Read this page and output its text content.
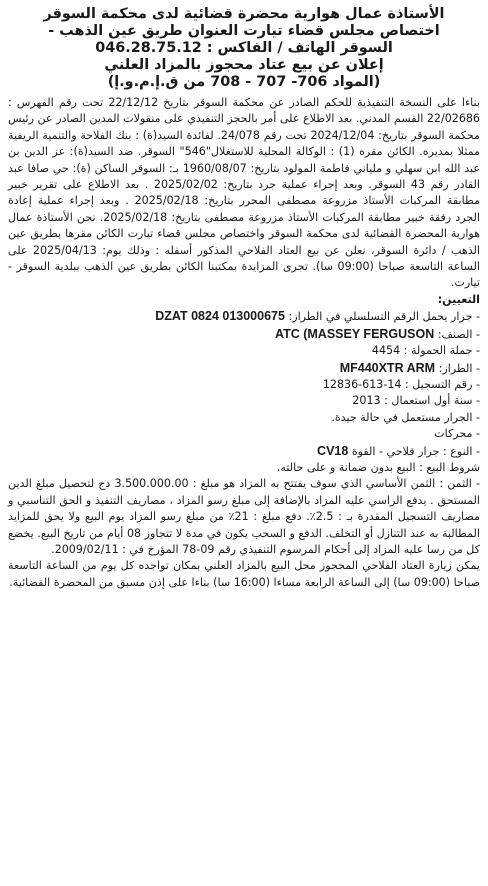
الأستاذة عمال هوارية محضرة قضائية لدى محكمة السوقر
اختصاص مجلس قضاء تيارت العنوان طريق عين الذهب -
السوقر الهاتف / الفاكس : 046.28.75.12
إعلان عن بيع عتاد محجوز بالمزاد العلني
(المواد 706- 707 - 708 من ق.إ.م.و.إ)

بناءا على النسخة التنفيذية للحكم الصادر عن محكمة السوقر بتاريخ 22/12/12 تحت رقم الفهرس : 22/02686 القسم المدني. بعد الاطلاع على أمر بالحجز التنفيذي على منقولات المدين الصادر عن رئيس محكمة السوقر بتاريخ: 2024/12/04 تحت رقم 24/078. لفائدة السيد(ة) : بنك الفلاحة والتنمية الريفية ممثلا بمديره. الكائن مقره (1) : الوكالة المحلية للاستغلال"546" السوقر. ضد السيد(ة): عز الدين بن عبد الله ابن سهلي و ملياني فاطمة المولود بتاريخ: 1960/08/07 بـ: السوقر الساكن (ة): حي صافا عبد القادر رقم 43 السوقر. وبعد إجراء عملية جرد بتاريخ: 2025/02/02 . بعد الاطلاع على تقرير خبير مطابقة المركبات الأستاذ مزروعة مصطفى المحرر بتاريخ: 2025/02/18 . وبعد إجراء عملية إعادة الجرد رفقة خبير مطابقة المركبات الأستاذ مزروعة مصطفى بتاريخ: 2025/02/18. نحن الأستاذة عمال هوارية المحضرة القضائية لدى محكمة السوقر واختصاص مجلس قضاء تيارت الكائن مقرها بطريق عين الذهب / دائرة السوقر، نعلن عن بيع العتاد الفلاحي المذكور أسفله : وذلك يوم: 2025/04/13 على الساعة التاسعة صباحا (09:00 سا). تجرى المزايدة بمكتبنا الكائن بطريق عين الذهب ببلدية السوقر - تيارت.

التعيين:

- جرار يحمل الرقم التسلسلي في الطراز: DZAT 0824 013000675
- الصنف: ATC (MASSEY FERGUSON
- جملة الحمولة : 4454
- الطراز: MF440XTR ARM
- رقم التسجيل : 14-613-12836
- سنة أول استعمال : 2013
- الجرار مستعمل في حالة جيدة.
- محركات
- النوع : جرار فلاحي - القوة CV18

شروط البيع : البيع بدون ضمانة و على حالته.

- الثمن : الثمن الأساسي الذي سوف يفتتح به المزاد هو مبلغ : 3.500.000.00 دج لتحصيل مبلغ الدين المستحق . يدفع الراسي عليه المزاد بالإضافة إلى مبلغ رسو المزاد ، مصاريف التنفيذ و الحق التناسبي و مصاريف التسجيل المقدرة بـ : 2.5٪. دفع مبلغ : 21٪ من مبلغ رسو المزاد يوم البيع ولا يحق للمزايد المطالبة به عند التنازل أو التخلف. الدفع و السحب يكون في مدة لا تتجاوز 08 أيام من تاريخ البيع. يخضع كل من رسا عليه المزاد إلى أحكام المرسوم التنفيذي رقم 09-78 المؤرخ في : 2009/02/11.

يمكن زيارة العتاد الفلاحي المحجوز محل البيع بالمزاد العلني بمكان تواجده كل يوم من الساعة التاسعة صباحا (09:00 سا) إلى الساعة الرابعة مساءا (16:00 سا) بناءا على إذن مسبق من المحضرة القضائية.
